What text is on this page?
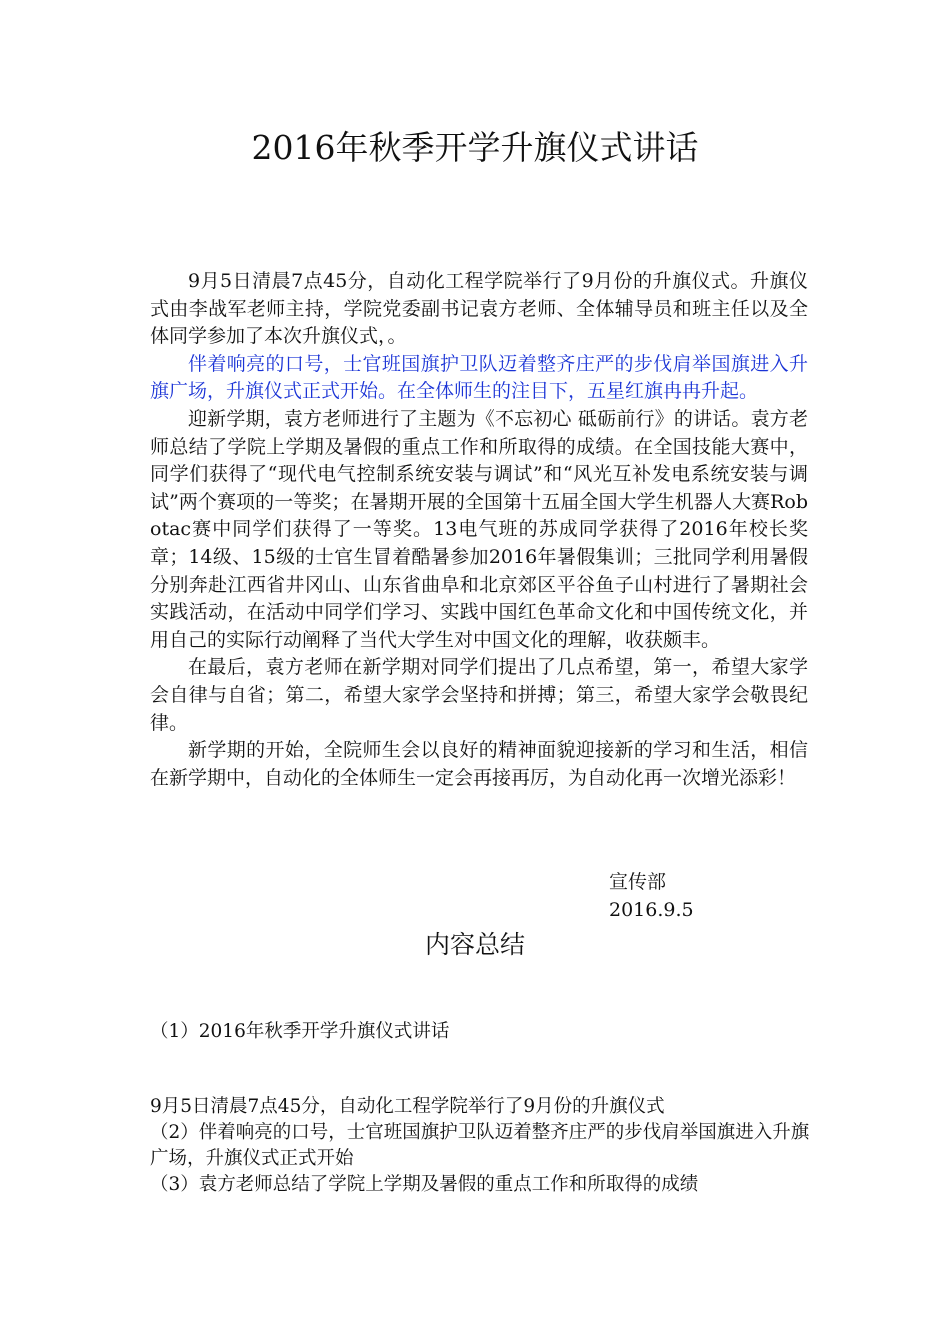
2016年秋季开学升旗仪式讲话

9月5日清晨7点45分，自动化工程学院举行了9月份的升旗仪式。升旗仪式由李战军老师主持，学院党委副书记袁方老师、全体辅导员和班主任以及全体同学参加了本次升旗仪式，。

伴着响亮的口号，士官班国旗护卫队迈着整齐庄严的步伐肩举国旗进入升旗广场，升旗仪式正式开始。在全体师生的注目下，五星红旗冉冉升起。

迎新学期，袁方老师进行了主题为《不忘初心 砥砺前行》的讲话。袁方老师总结了学院上学期及暑假的重点工作和所取得的成绩。在全国技能大赛中，同学们获得了“现代电气控制系统安装与调试”和“风光互补发电系统安装与调试”两个赛项的一等奖；在暑期开展的全国第十五届全国大学生机器人大赛Robotac赛中同学们获得了一等奖。13电气班的苏成同学获得了2016年校长奖章；14级、15级的士官生冒着酷暑参加2016年暑假集训；三批同学利用暑假分别奔赴江西省井冈山、山东省曲阜和北京郊区平谷鱼子山村进行了暑期社会实践活动，在活动中同学们学习、实践中国红色革命文化和中国传统文化，并用自己的实际行动阐释了当代大学生对中国文化的理解，收获颇丰。

在最后，袁方老师在新学期对同学们提出了几点希望，第一，希望大家学会自律与自省；第二，希望大家学会坚持和拼搏；第三，希望大家学会敬畏纪律。

新学期的开始，全院师生会以良好的精神面貌迎接新的学习和生活，相信在新学期中，自动化的全体师生一定会再接再厉，为自动化再一次增光添彩！

宣传部
2016.9.5
内容总结

（1）2016年秋季开学升旗仪式讲话

9月5日清晨7点45分，自动化工程学院举行了9月份的升旗仪式
（2）伴着响亮的口号，士官班国旗护卫队迈着整齐庄严的步伐肩举国旗进入升旗广场，升旗仪式正式开始
（3）袁方老师总结了学院上学期及暑假的重点工作和所取得的成绩
